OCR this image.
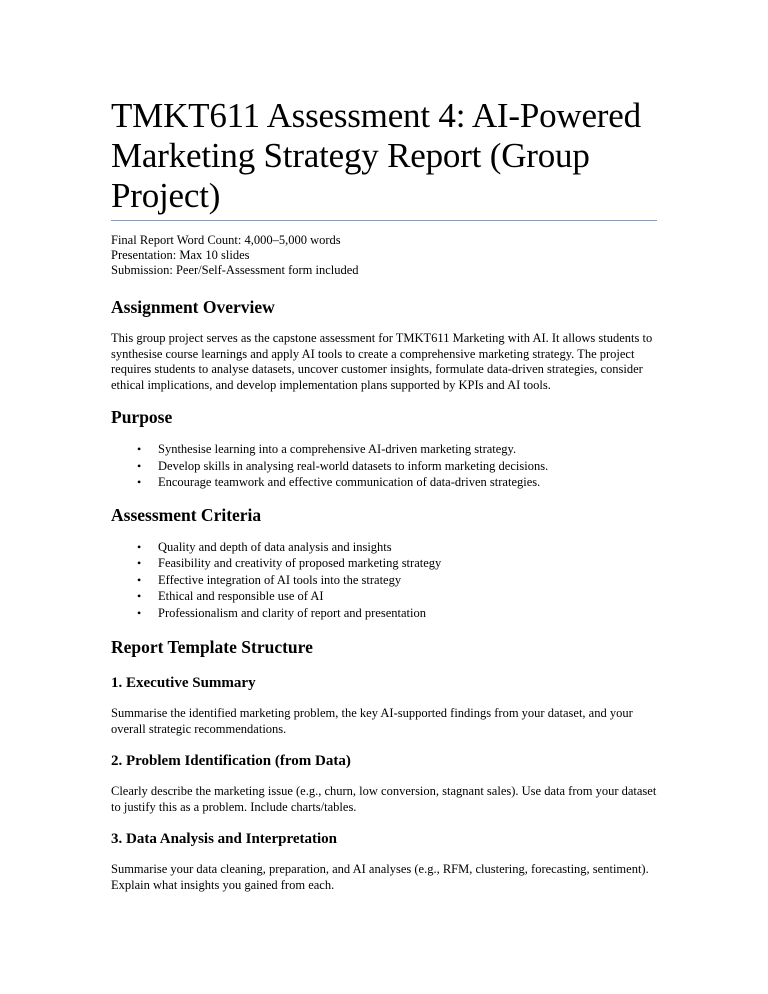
TMKT611 Assessment 4: AI-Powered Marketing Strategy Report (Group Project)
Final Report Word Count: 4,000–5,000 words
Presentation: Max 10 slides
Submission: Peer/Self-Assessment form included
Assignment Overview

This group project serves as the capstone assessment for TMKT611 Marketing with AI. It allows students to synthesise course learnings and apply AI tools to create a comprehensive marketing strategy. The project requires students to analyse datasets, uncover customer insights, formulate data-driven strategies, consider ethical implications, and develop implementation plans supported by KPIs and AI tools.

Purpose
• Synthesise learning into a comprehensive AI-driven marketing strategy.
• Develop skills in analysing real-world datasets to inform marketing decisions.
• Encourage teamwork and effective communication of data-driven strategies.
Assessment Criteria
• Quality and depth of data analysis and insights
• Feasibility and creativity of proposed marketing strategy
• Effective integration of AI tools into the strategy
• Ethical and responsible use of AI
• Professionalism and clarity of report and presentation
Report Template Structure
1. Executive Summary

Summarise the identified marketing problem, the key AI-supported findings from your dataset, and your overall strategic recommendations.

2. Problem Identification (from Data)

Clearly describe the marketing issue (e.g., churn, low conversion, stagnant sales). Use data from your dataset to justify this as a problem. Include charts/tables.

3. Data Analysis and Interpretation

Summarise your data cleaning, preparation, and AI analyses (e.g., RFM, clustering, forecasting, sentiment). Explain what insights you gained from each.
